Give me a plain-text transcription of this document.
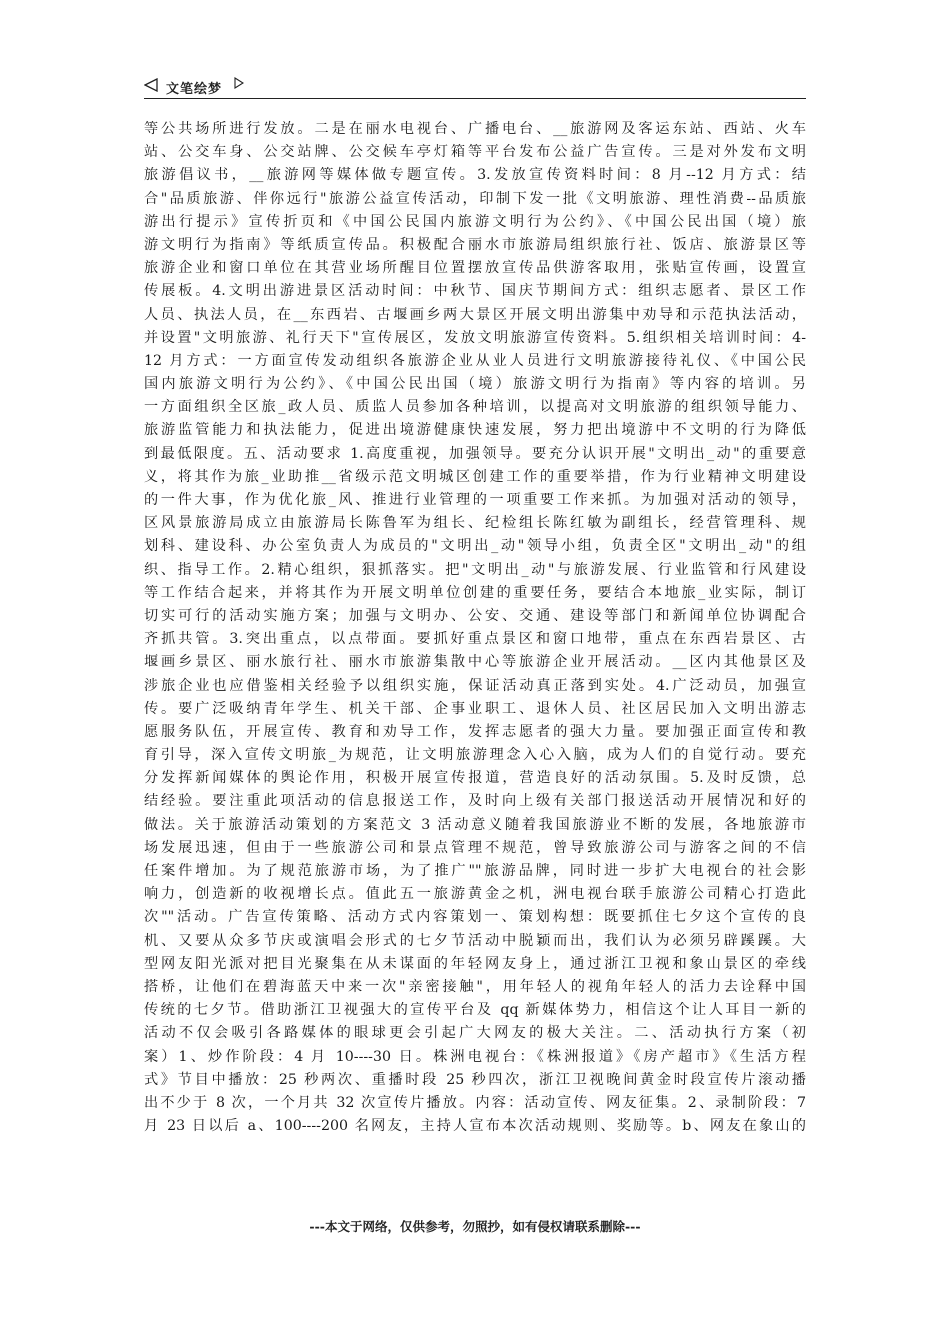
文笔绘梦
等公共场所进行发放。二是在丽水电视台、广播电台、__旅游网及客运东站、西站、火车
站、公交车身、公交站牌、公交候车亭灯箱等平台发布公益广告宣传。三是对外发布文明
旅游倡议书，__旅游网等媒体做专题宣传。3.发放宣传资料时间：8 月--12 月方式：结
合"品质旅游、伴你远行"旅游公益宣传活动，印制下发一批《文明旅游、理性消费--品质旅
游出行提示》宣传折页和《中国公民国内旅游文明行为公约》、《中国公民出国（境）旅
游文明行为指南》等纸质宣传品。积极配合丽水市旅游局组织旅行社、饭店、旅游景区等
旅游企业和窗口单位在其营业场所醒目位置摆放宣传品供游客取用，张贴宣传画，设置宣
传展板。4.文明出游进景区活动时间：中秋节、国庆节期间方式：组织志愿者、景区工作
人员、执法人员，在__东西岩、古堰画乡两大景区开展文明出游集中劝导和示范执法活动，
并设置"文明旅游、礼行天下"宣传展区，发放文明旅游宣传资料。5.组织相关培训时间：4-
12 月方式：一方面宣传发动组织各旅游企业从业人员进行文明旅游接待礼仪、《中国公民
国内旅游文明行为公约》、《中国公民出国（境）旅游文明行为指南》等内容的培训。另
一方面组织全区旅_政人员、质监人员参加各种培训，以提高对文明旅游的组织领导能力、
旅游监管能力和执法能力，促进出境游健康快速发展，努力把出境游中不文明的行为降低
到最低限度。五、活动要求 1.高度重视，加强领导。要充分认识开展"文明出_动"的重要意
义，将其作为旅_业助推__省级示范文明城区创建工作的重要举措，作为行业精神文明建设
的一件大事，作为优化旅_风、推进行业管理的一项重要工作来抓。为加强对活动的领导，
区风景旅游局成立由旅游局长陈鲁军为组长、纪检组长陈红敏为副组长，经营管理科、规
划科、建设科、办公室负责人为成员的"文明出_动"领导小组，负责全区"文明出_动"的组
织、指导工作。2.精心组织，狠抓落实。把"文明出_动"与旅游发展、行业监管和行风建设
等工作结合起来，并将其作为开展文明单位创建的重要任务，要结合本地旅_业实际，制订
切实可行的活动实施方案；加强与文明办、公安、交通、建设等部门和新闻单位协调配合
齐抓共管。3.突出重点，以点带面。要抓好重点景区和窗口地带，重点在东西岩景区、古
堰画乡景区、丽水旅行社、丽水市旅游集散中心等旅游企业开展活动。__区内其他景区及
涉旅企业也应借鉴相关经验予以组织实施，保证活动真正落到实处。4.广泛动员，加强宣
传。要广泛吸纳青年学生、机关干部、企事业职工、退休人员、社区居民加入文明出游志
愿服务队伍，开展宣传、教育和劝导工作，发挥志愿者的强大力量。要加强正面宣传和教
育引导，深入宣传文明旅_为规范，让文明旅游理念入心入脑，成为人们的自觉行动。要充
分发挥新闻媒体的舆论作用，积极开展宣传报道，营造良好的活动氛围。5.及时反馈，总
结经验。要注重此项活动的信息报送工作，及时向上级有关部门报送活动开展情况和好的
做法。关于旅游活动策划的方案范文 3 活动意义随着我国旅游业不断的发展，各地旅游市
场发展迅速，但由于一些旅游公司和景点管理不规范，曾导致旅游公司与游客之间的不信
任案件增加。为了规范旅游市场，为了推广""旅游品牌，同时进一步扩大电视台的社会影
响力，创造新的收视增长点。值此五一旅游黄金之机，洲电视台联手旅游公司精心打造此
次""活动。广告宣传策略、活动方式内容策划一、策划构想：既要抓住七夕这个宣传的良
机、又要从众多节庆或演唱会形式的七夕节活动中脱颖而出，我们认为必须另辟蹊蹊。大
型网友阳光派对把目光聚集在从未谋面的年轻网友身上，通过浙江卫视和象山景区的牵线
搭桥，让他们在碧海蓝天中来一次"亲密接触"，用年轻人的视角年轻人的活力去诠释中国
传统的七夕节。借助浙江卫视强大的宣传平台及 qq 新媒体势力，相信这个让人耳目一新的
活动不仅会吸引各路媒体的眼球更会引起广大网友的极大关注。二、活动执行方案（初
案）1、炒作阶段：4 月 10----30 日。株洲电视台：《株洲报道》《房产超市》《生活方程
式》节目中播放：25 秒两次、重播时段 25 秒四次，浙江卫视晚间黄金时段宣传片滚动播
出不少于 8 次，一个月共 32 次宣传片播放。内容：活动宣传、网友征集。2、录制阶段：7
月 23 日以后 a、100----200 名网友，主持人宣布本次活动规则、奖励等。b、网友在象山的
---本文于网络，仅供参考，勿照抄，如有侵权请联系删除---
